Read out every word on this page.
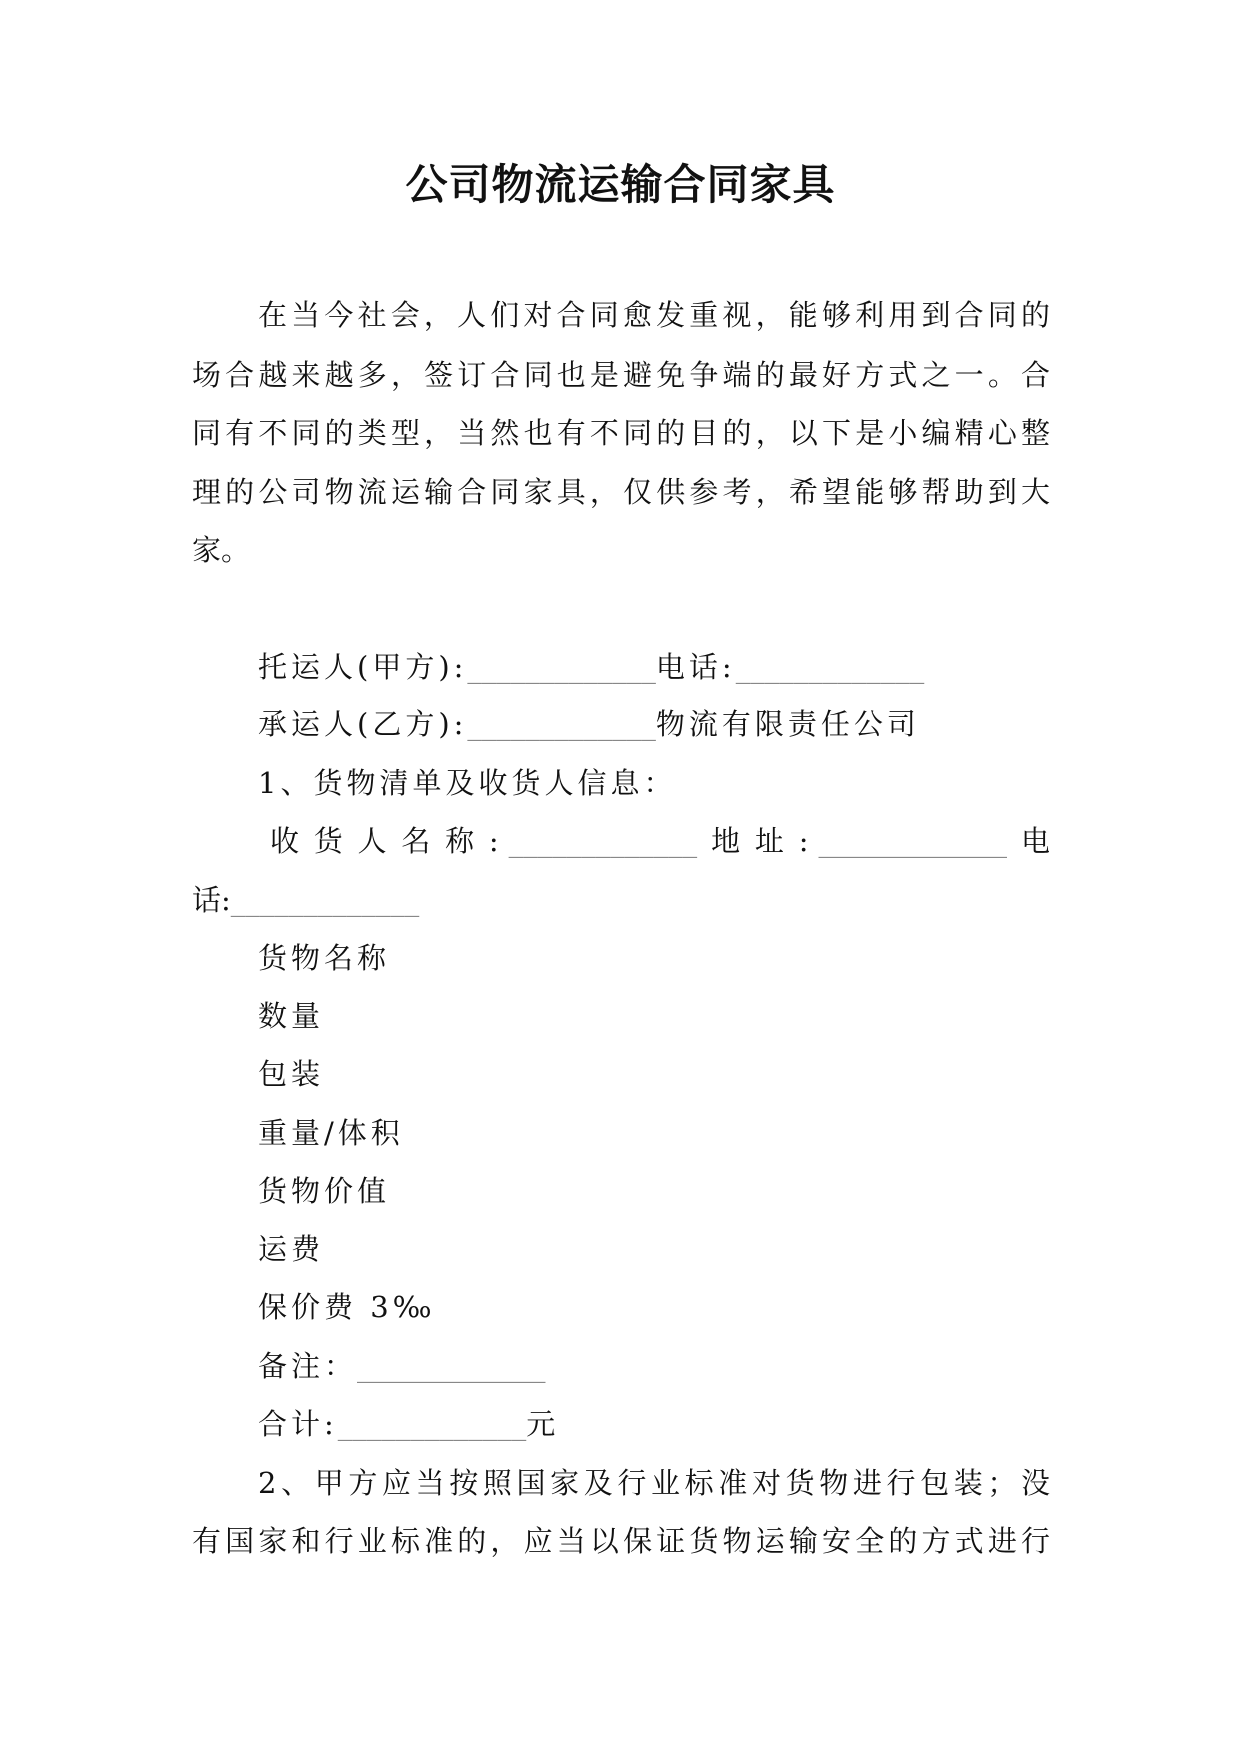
公司物流运输合同家具
在当今社会，人们对合同愈发重视，能够利用到合同的
场合越来越多，签订合同也是避免争端的最好方式之一。合
同有不同的类型，当然也有不同的目的，以下是小编精心整
理的公司物流运输合同家具，仅供参考，希望能够帮助到大
家。
托运人(甲方):_____________电话:_____________
承运人(乙方):_____________物流有限责任公司
1、货物清单及收货人信息：
收货人名称:_____________ 地址:_____________ 电
话:_____________
货物名称
数量
包装
重量/体积
货物价值
运费
保价费 3‰
备注：_____________
合计:_____________元
2、甲方应当按照国家及行业标准对货物进行包装；没
有国家和行业标准的，应当以保证货物运输安全的方式进行
